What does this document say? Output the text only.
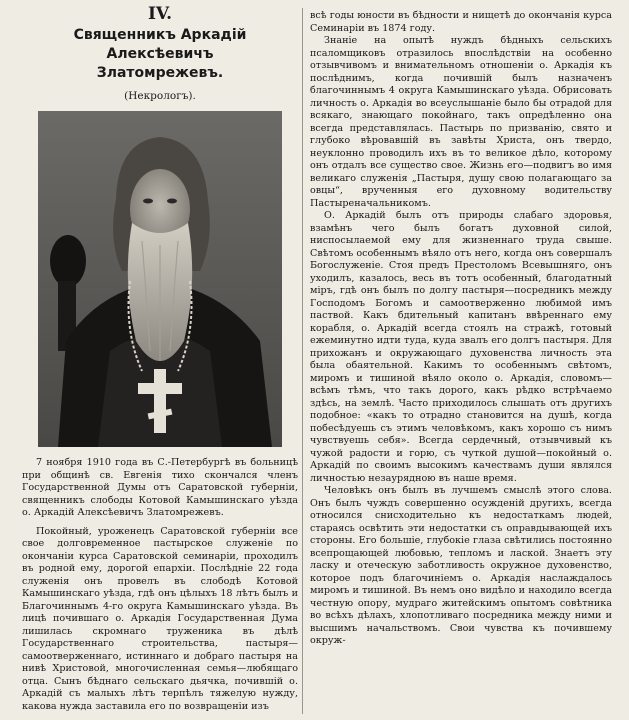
IV.

Священникъ Аркадій Алексѣевичъ

Златомрежевъ.

(Некрологъ).

7 ноября 1910 года въ С.-Петербургѣ въ больницѣ при общинѣ св. Евгенія тихо скончался членъ Государственной Думы отъ Саратовской губерніи, священникъ слободы Котовой Камышинскаго уѣзда о. Аркадій Алексѣевичъ Златомрежевъ.

Покойный, уроженецъ Саратовской губерніи все свое долговременное пастырское служеніе по окончаніи курса Саратовской семинаріи, проходилъ въ родной ему, дорогой епархіи. Послѣдніе 22 года служенія онъ провелъ въ слободѣ Котовой Камышинскаго уѣзда, гдѣ онъ цѣлыхъ 18 лѣтъ былъ и Благочиннымъ 4-го округа Камышинскаго уѣзда. Въ лицѣ почившаго о. Аркадія Государственная Дума лишилась скромнаго труженика въ дѣлѣ Государственнаго строительства, пастыря—самоотверженнаго, истиннаго и добраго пастыря на нивѣ Христовой, многочисленная семья—любящаго отца. Сынъ бѣднаго сельскаго дьячка, почившій о. Аркадій съ малыхъ лѣтъ терпѣлъ тяжелую нужду, какова нужда заставила его по возвращеніи изъ

всѣ годы юности въ бѣдности и нищетѣ до окончанія курса Семинаріи въ 1874 году.

Знаніе на опытѣ нуждъ бѣдныхъ сельскихъ псаломщиковъ отразилось впослѣдствіи на особенно отзывчивомъ и внимательномъ отношеніи о. Аркадія къ послѣднимъ, когда почившій былъ назначенъ благочиннымъ 4 округа Камышинскаго уѣзда. Обрисовать личность о. Аркадія во всеуслышаніе было бы отрадой для всякаго, знающаго покойнаго, такъ опредѣленно она всегда представлялась. Пастырь по призванію, свято и глубоко вѣровавшій въ завѣты Христа, онъ твердо, неуклонно проводилъ ихъ въ то великое дѣло, которому онъ отдалъ все существо свое. Жизнь его—подвигъ во имя великаго служенія „Пастыря, душу свою полагающаго за овцы“, врученныя его духовному водительству Пастыреначальникомъ.

О. Аркадій былъ отъ природы слабаго здоровья, взамѣнъ чего былъ богатъ духовной силой, ниспосылаемой ему для жизненнаго труда свыше. Свѣтомъ особеннымъ вѣяло отъ него, когда онъ совершалъ Богослуженіе. Стоя предъ Престоломъ Всевышняго, онъ уходилъ, казалось, весь въ тотъ особенный, благодатный міръ, гдѣ онъ былъ по долгу пастыря—посредникъ между Господомъ Богомъ и самоотверженно любимой имъ паствой. Какъ бдительный капитанъ ввѣреннаго ему корабля, о. Аркадій всегда стоялъ на стражѣ, готовый ежеминутно идти туда, куда звалъ его долгъ пастыря. Для прихожанъ и окружающаго духовенства личность эта была обаятельной. Какимъ то особеннымъ свѣтомъ, миромъ и тишиной вѣяло около о. Аркадія, словомъ—всѣмъ тѣмъ, что такъ дорого, какъ рѣдко встрѣчаемо здѣсь, на землѣ. Часто приходилось слышать отъ другихъ подобное: «какъ то отрадно становится на душѣ, когда побесѣдуешь съ этимъ человѣкомъ, какъ хорошо съ нимъ чувствуешь себя». Всегда сердечный, отзывчивый къ чужой радости и горю, съ чуткой душой—покойный о. Аркадій по своимъ высокимъ качествамъ души являлся личностью незаурядною въ наше время.

Человѣкъ онъ былъ въ лучшемъ смыслѣ этого слова. Онъ былъ чуждъ совершенно осужденій другихъ, всегда относился снисходительно къ недостаткамъ людей, стараясь освѣтить эти недостатки съ оправдывающей ихъ стороны. Его большіе, глубокіе глаза свѣтились постоянно всепрощающей любовью, тепломъ и лаской. Знаетъ эту ласку и отеческую заботливость окружное духовенство, которое подъ благочиніемъ о. Аркадія наслаждалось миромъ и тишиной. Въ немъ оно видѣло и находило всегда честную опору, мудраго житейскимъ опытомъ совѣтника во всѣхъ дѣлахъ, хлопотливаго посредника между ними и высшимъ начальствомъ. Свои чувства къ почившему окруж-
